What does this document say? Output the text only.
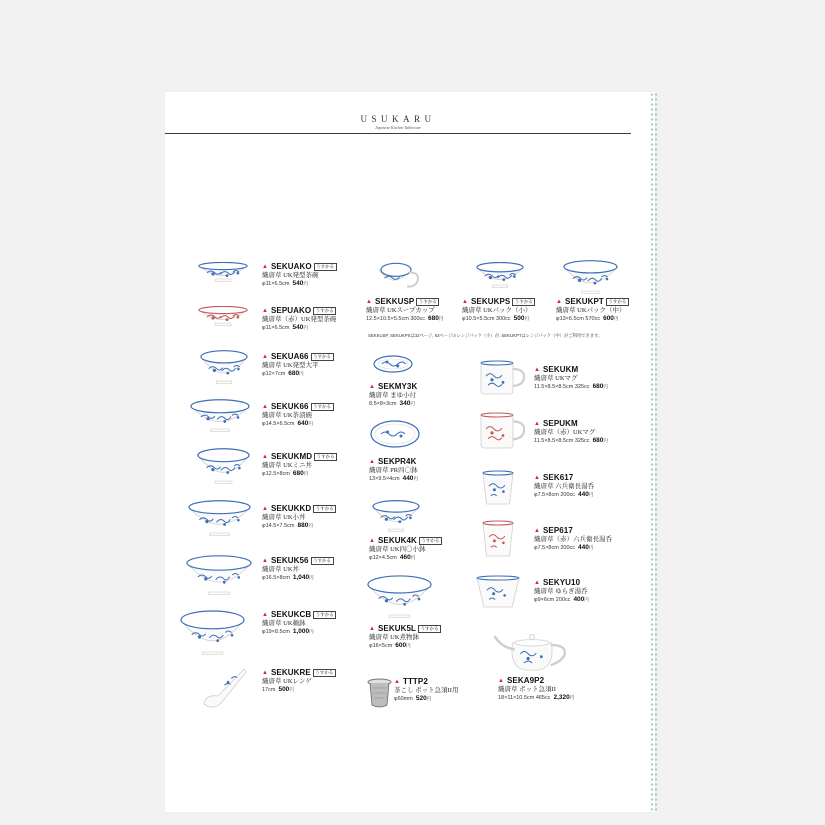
USUKARU
Japanese Kitchen Tableware
SEKKUSP, SEKUKPSは32ページ, 63ページのレンジパック（小）が, SEKUKPTはレンジパック（中）がご利用できます。
▲ SEKUAKO	うすかる
織唐草 UK発型茶碗
φ11×6.5cm 540円
▲ SEPUAKO	うすかる
織唐草（赤）UK発型茶碗
φ11×6.5cm 540円
▲ SEKUA66	うすかる
織唐草 UK発型大平
φ12×7cm 680円
▲ SEKUK66	うすかる
織唐草 UK茶漬碗
φ14.5×6.5cm 640円
▲ SEKUKMD	うすかる
織唐草 UKミニ丼
φ12.5×8cm 680円
▲ SEKUKKD	うすかる
織唐草 UK小丼
φ14.5×7.5cm 880円
▲ SEKUK56	うすかる
織唐草 UK丼
φ16.5×8cm 1,040円
▲ SEKUKCB	うすかる
織唐草 UK麺鉢
φ19×8.5cm 1,000円
▲ SEKUKRE	うすかる
織唐草 UKレンゲ
17cm 500円
▲ SEKKUSP	うすかる
織唐草 UKスープカップ
12.5×10.5×5.5cm 300cc 680円
▲ SEKUKPS	うすかる
織唐草 UKパック（小）
φ10.5×5.5cm 300cc 500円
▲ SEKUKPT	うすかる
織唐草 UKパック（中）
φ13×6.5cm 570cc 600円
▲ SEKMY3K
織唐草 まゆ小付
8.5×8×3cm 340円
▲ SEKPR4K
織唐草 PR四〇鉢
13×9.5×4cm 440円
▲ SEKUK4K	うすかる
織唐草 UK四〇小鉢
φ12×4.5cm 460円
▲ SEKUK5L	うすかる
織唐草 UK煮物鉢
φ16×5cm 600円
▲ TTTP2
茶こし ポット急須II用
φ60mm 520円
▲ SEKUKM
織唐草 UKマグ
11.5×8.5×8.5cm 325cc 680円
▲ SEPUKM
織唐草（赤）UKマグ
11.5×8.5×8.5cm 325cc 680円
▲ SEK617
織唐草 六兵衛長湯呑
φ7.5×8cm 200cc 440円
▲ SEP617
織唐草（赤）六兵衛長湯呑
φ7.5×8cm 200cc 440円
▲ SEKYU10
織唐草 ゆらぎ湯呑
φ9×6cm 200cc 400円
▲ SEKA9P2
織唐草 ポット急須II
18×11×10.5cm 465cc 2,320円
